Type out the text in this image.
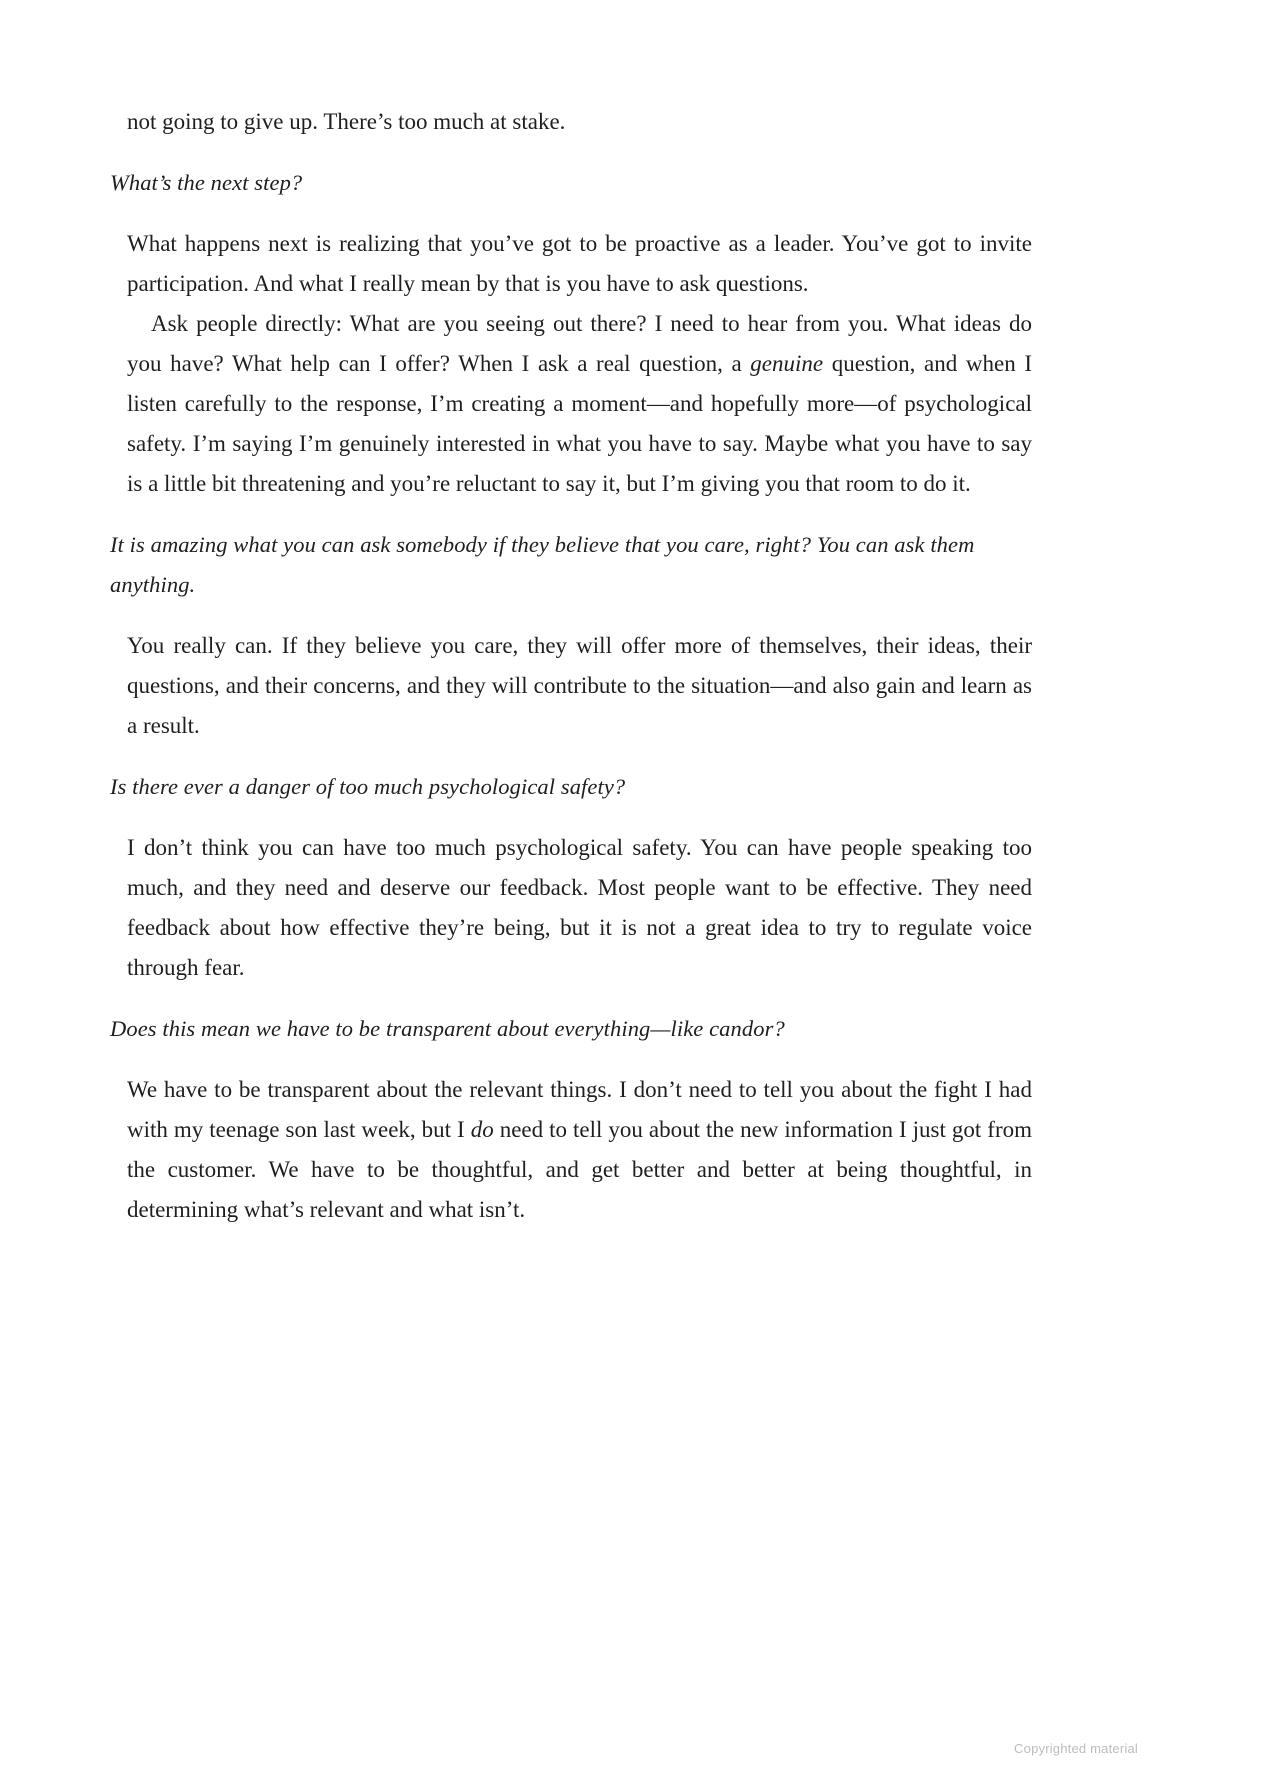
not going to give up. There’s too much at stake.

What’s the next step?

What happens next is realizing that you’ve got to be proactive as a leader. You’ve got to invite participation. And what I really mean by that is you have to ask questions.

Ask people directly: What are you seeing out there? I need to hear from you. What ideas do you have? What help can I offer? When I ask a real question, a genuine question, and when I listen carefully to the response, I’m creating a moment—and hopefully more—of psychological safety. I’m saying I’m genuinely interested in what you have to say. Maybe what you have to say is a little bit threatening and you’re reluctant to say it, but I’m giving you that room to do it.

It is amazing what you can ask somebody if they believe that you care, right? You can ask them anything.

You really can. If they believe you care, they will offer more of themselves, their ideas, their questions, and their concerns, and they will contribute to the situation—and also gain and learn as a result.

Is there ever a danger of too much psychological safety?

I don’t think you can have too much psychological safety. You can have people speaking too much, and they need and deserve our feedback. Most people want to be effective. They need feedback about how effective they’re being, but it is not a great idea to try to regulate voice through fear.

Does this mean we have to be transparent about everything—like candor?

We have to be transparent about the relevant things. I don’t need to tell you about the fight I had with my teenage son last week, but I do need to tell you about the new information I just got from the customer. We have to be thoughtful, and get better and better at being thoughtful, in determining what’s relevant and what isn’t.

Copyrighted material
